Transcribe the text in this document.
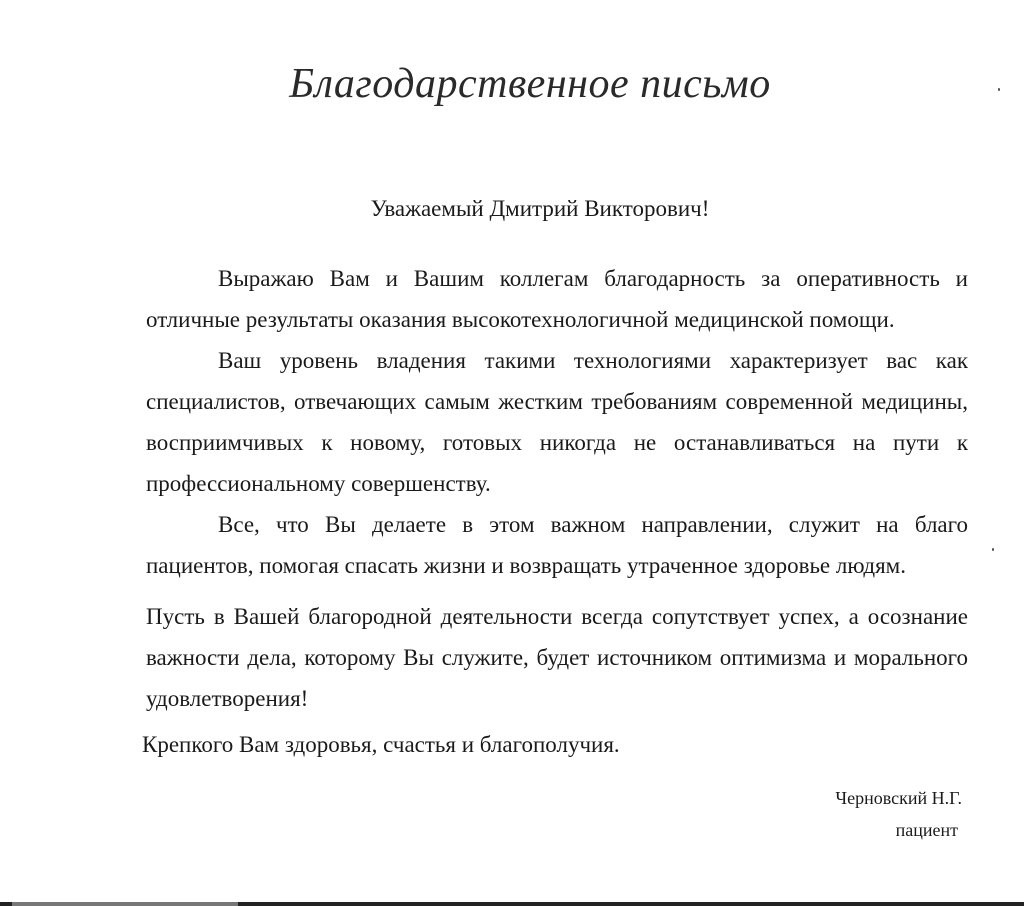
Благодарственное письмо
Уважаемый Дмитрий Викторович!

Выражаю Вам и Вашим коллегам благодарность за оперативность и отличные результаты оказания высокотехнологичной медицинской помощи.

Ваш уровень владения такими технологиями характеризует вас как специалистов, отвечающих самым жестким требованиям современной медицины, восприимчивых к новому, готовых никогда не останавливаться на пути к профессиональному совершенству.

Все, что Вы делаете в этом важном направлении, служит на благо пациентов, помогая спасать жизни и возвращать утраченное здоровье людям.

Пусть в Вашей благородной деятельности всегда сопутствует успех, а осознание важности дела, которому Вы служите, будет источником оптимизма и морального удовлетворения!

Крепкого Вам здоровья, счастья и благополучия.
Черновский Н.Г.
пациент
